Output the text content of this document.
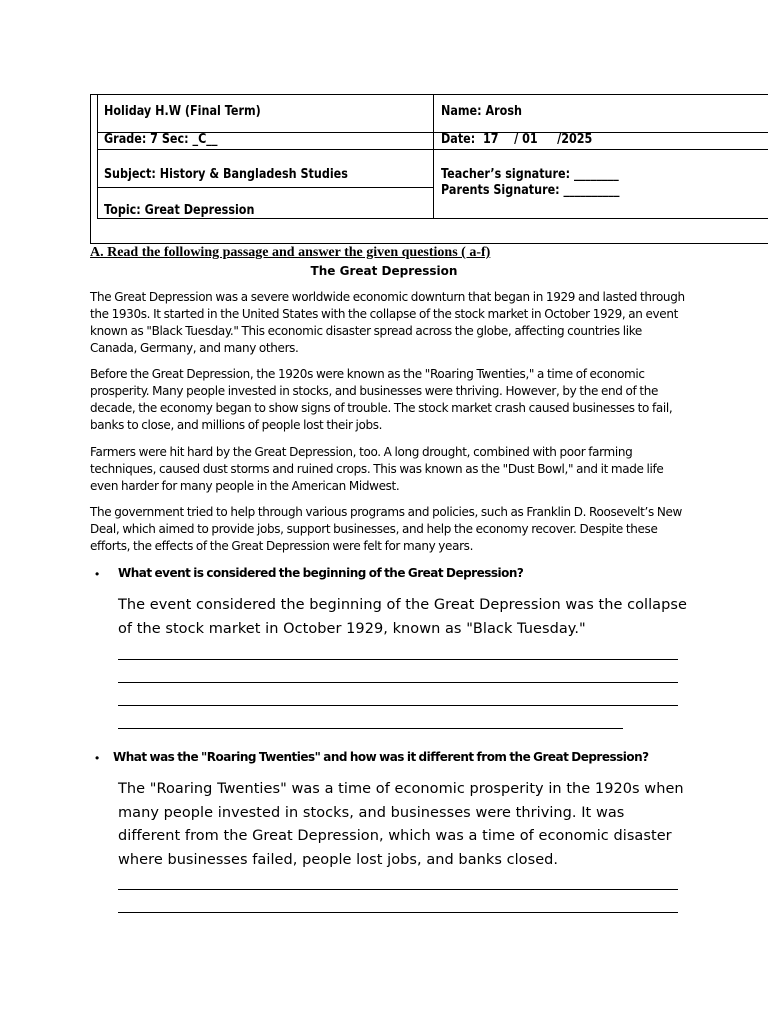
Holiday H.W (Final Term)
Grade: 7 Sec: _C__
Subject: History & Bangladesh Studies
Topic: Great Depression
Name: Arosh
Date:  17    / 01     /2025
Teacher’s signature: ________
Parents Signature: __________
A. Read the following passage and answer the given questions ( a-f)
The Great Depression
The Great Depression was a severe worldwide economic downturn that began in 1929 and lasted through the 1930s. It started in the United States with the collapse of the stock market in October 1929, an event known as "Black Tuesday." This economic disaster spread across the globe, affecting countries like Canada, Germany, and many others.
Before the Great Depression, the 1920s were known as the "Roaring Twenties," a time of economic prosperity. Many people invested in stocks, and businesses were thriving. However, by the end of the decade, the economy began to show signs of trouble. The stock market crash caused businesses to fail, banks to close, and millions of people lost their jobs.
Farmers were hit hard by the Great Depression, too. A long drought, combined with poor farming techniques, caused dust storms and ruined crops. This was known as the "Dust Bowl," and it made life even harder for many people in the American Midwest.
The government tried to help through various programs and policies, such as Franklin D. Roosevelt’s New Deal, which aimed to provide jobs, support businesses, and help the economy recover. Despite these efforts, the effects of the Great Depression were felt for many years.
• What event is considered the beginning of the Great Depression?
The event considered the beginning of the Great Depression was the collapse of the stock market in October 1929, known as "Black Tuesday."
• What was the "Roaring Twenties" and how was it different from the Great Depression?
The "Roaring Twenties" was a time of economic prosperity in the 1920s when many people invested in stocks, and businesses were thriving. It was different from the Great Depression, which was a time of economic disaster where businesses failed, people lost jobs, and banks closed.
